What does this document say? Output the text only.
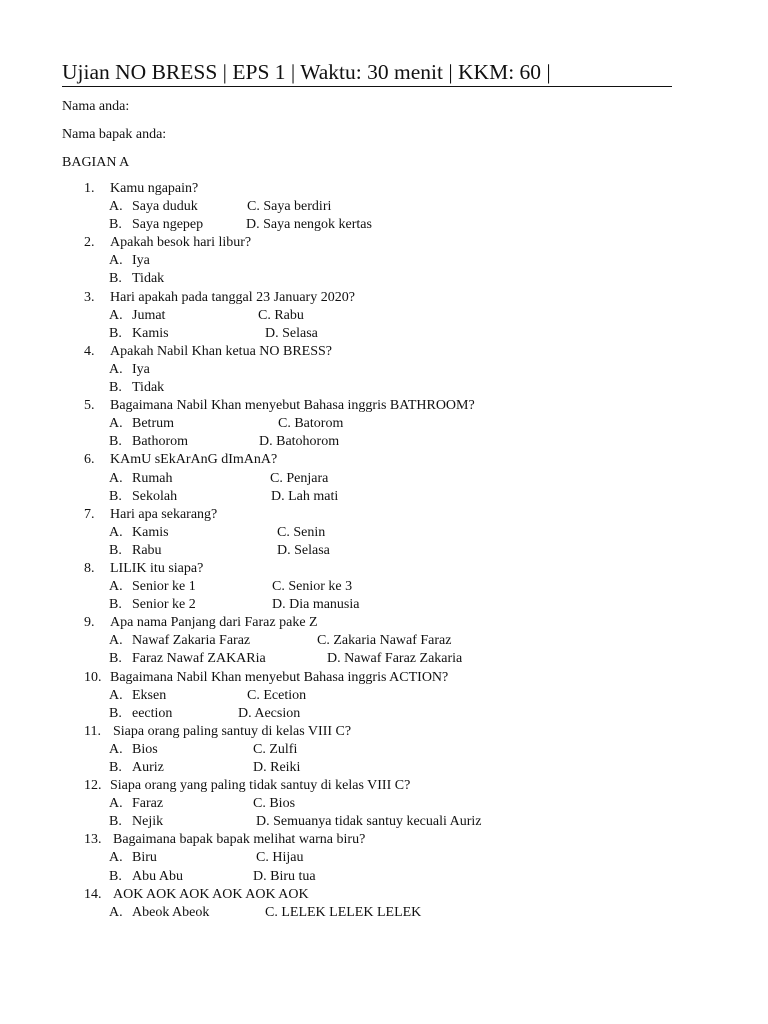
Ujian NO BRESS | EPS 1 | Waktu: 30 menit | KKM: 60 |
Nama anda:
Nama bapak anda:
BAGIAN A
1. Kamu ngapain?
A. Saya duduk	C. Saya berdiri
B. Saya ngepep	D. Saya nengok kertas
2. Apakah besok hari libur?
A. Iya
B. Tidak
3. Hari apakah pada tanggal 23 January 2020?
A. Jumat	C. Rabu
B. Kamis	D. Selasa
4. Apakah Nabil Khan ketua NO BRESS?
A. Iya
B. Tidak
5. Bagaimana Nabil Khan menyebut Bahasa inggris BATHROOM?
A. Betrum	C. Batorom
B. Bathorom	D. Batohorom
6. KAmU sEkArAnG dImAnA?
A. Rumah	C. Penjara
B. Sekolah	D. Lah mati
7. Hari apa sekarang?
A. Kamis	C. Senin
B. Rabu	D. Selasa
8. LILIK itu siapa?
A. Senior ke 1	C. Senior ke 3
B. Senior ke 2	D. Dia manusia
9. Apa nama Panjang dari Faraz pake Z
A. Nawaf Zakaria Faraz	C. Zakaria Nawaf Faraz
B. Faraz Nawaf ZAKARia	D. Nawaf Faraz Zakaria
10. Bagaimana Nabil Khan menyebut Bahasa inggris ACTION?
A. Eksen	C. Ecetion
B. eection	D. Aecsion
11. Siapa orang paling santuy di kelas VIII C?
A. Bios	C. Zulfi
B. Auriz	D. Reiki
12. Siapa orang yang paling tidak santuy di kelas VIII C?
A. Faraz	C. Bios
B. Nejik	D. Semuanya tidak santuy kecuali Auriz
13. Bagaimana bapak bapak melihat warna biru?
A. Biru	C. Hijau
B. Abu Abu	D. Biru tua
14. AOK AOK AOK AOK AOK AOK
A. Abeok Abeok	C. LELEK LELEK LELEK
